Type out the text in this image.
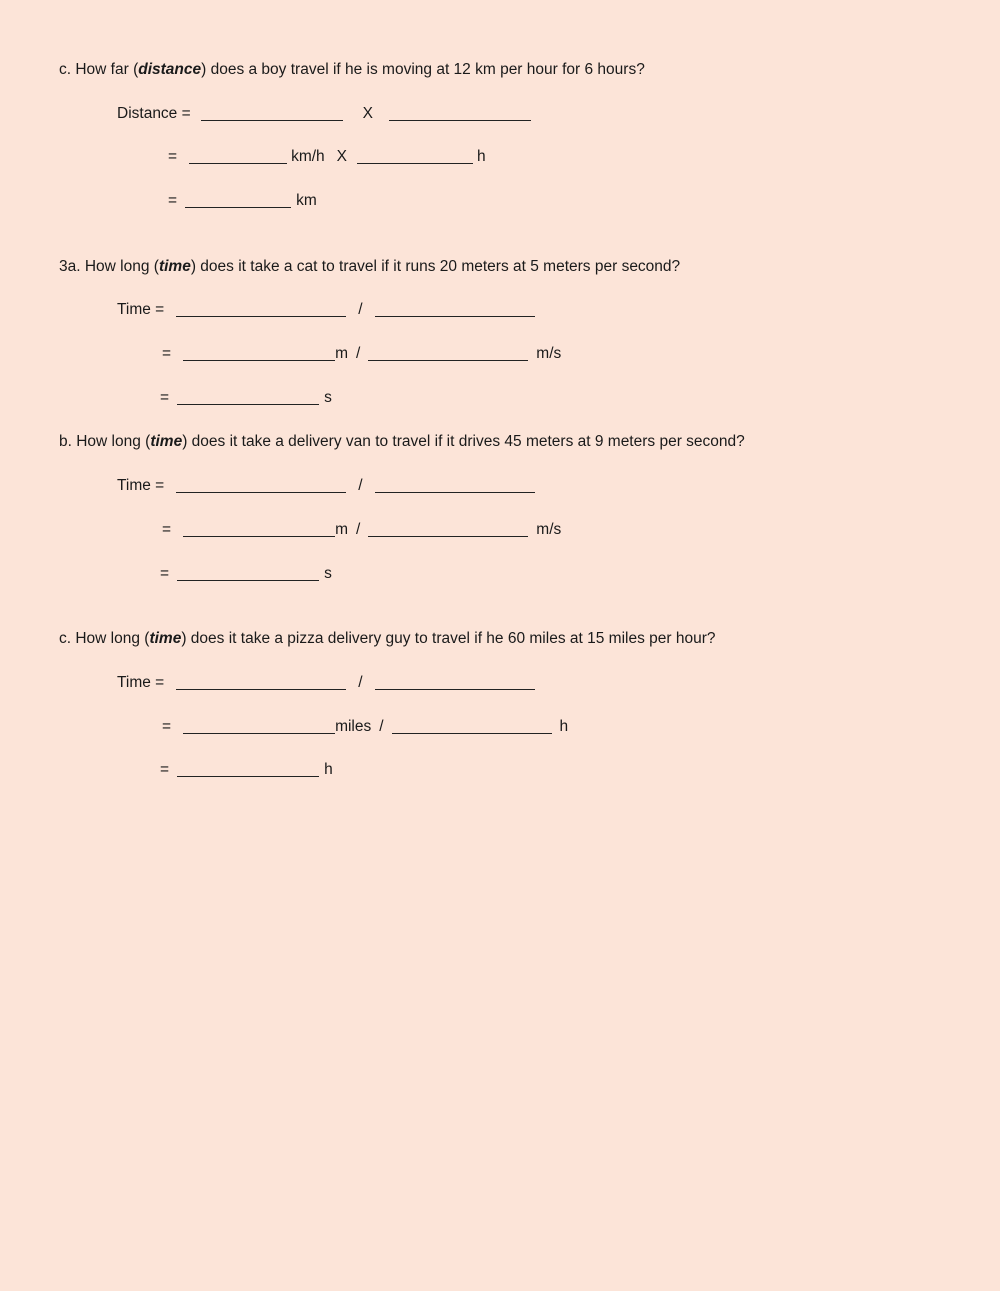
c. How far (distance) does a boy travel if he is moving at 12 km per hour for 6 hours?
Distance =	X
=	km/h X	h
=	km
3a. How long (time) does it take a cat to travel if it runs 20 meters at 5 meters per second?
Time =	/
=	m /	m/s
=	s
b. How long (time) does it take a delivery van to travel if it drives 45 meters at 9 meters per second?
Time =	/
=	m /	m/s
=	s
c. How long (time) does it take a pizza delivery guy to travel if he 60 miles at 15 miles per hour?
Time =	/
=	miles /	h
=	h
